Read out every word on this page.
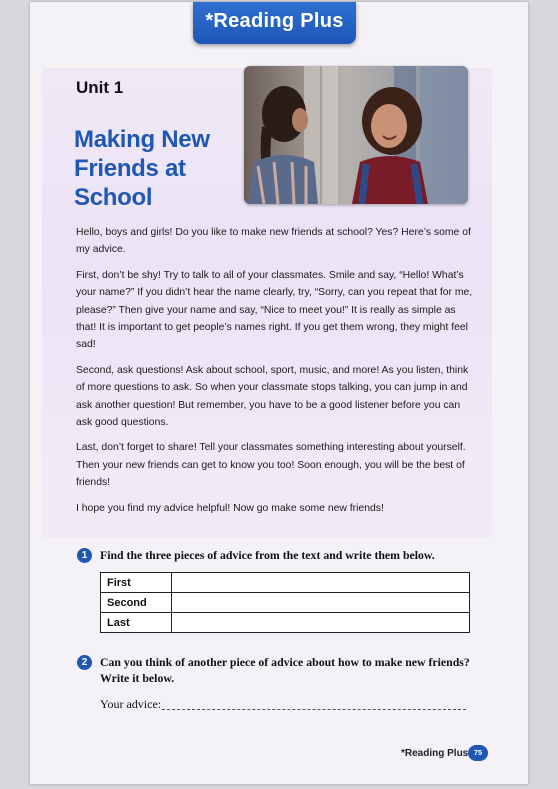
*Reading Plus
Unit 1
Making New
Friends at School

Hello, boys and girls! Do you like to make new friends at school? Yes? Here’s some of my advice.

First, don’t be shy! Try to talk to all of your classmates. Smile and say, “Hello! What’s your name?” If you didn’t hear the name clearly, try, “Sorry, can you repeat that for me, please?” Then give your name and say, “Nice to meet you!” It is really as simple as that! It is important to get people’s names right. If you get them wrong, they might feel sad!

Second, ask questions! Ask about school, sport, music, and more! As you listen, think of more questions to ask. So when your classmate stops talking, you can jump in and ask another question! But remember, you have to be a good listener before you can ask good questions.

Last, don’t forget to share! Tell your classmates something interesting about yourself. Then your new friends can get to know you too! Soon enough, you will be the best of friends!

I hope you find my advice helpful! Now go make some new friends!

1	Find the three pieces of advice from the text and write them below.
First	
Second	
Last	
2	Can you think of another piece of advice about how to make new friends?
Write it below.
Your advice:
*Reading Plus 75
